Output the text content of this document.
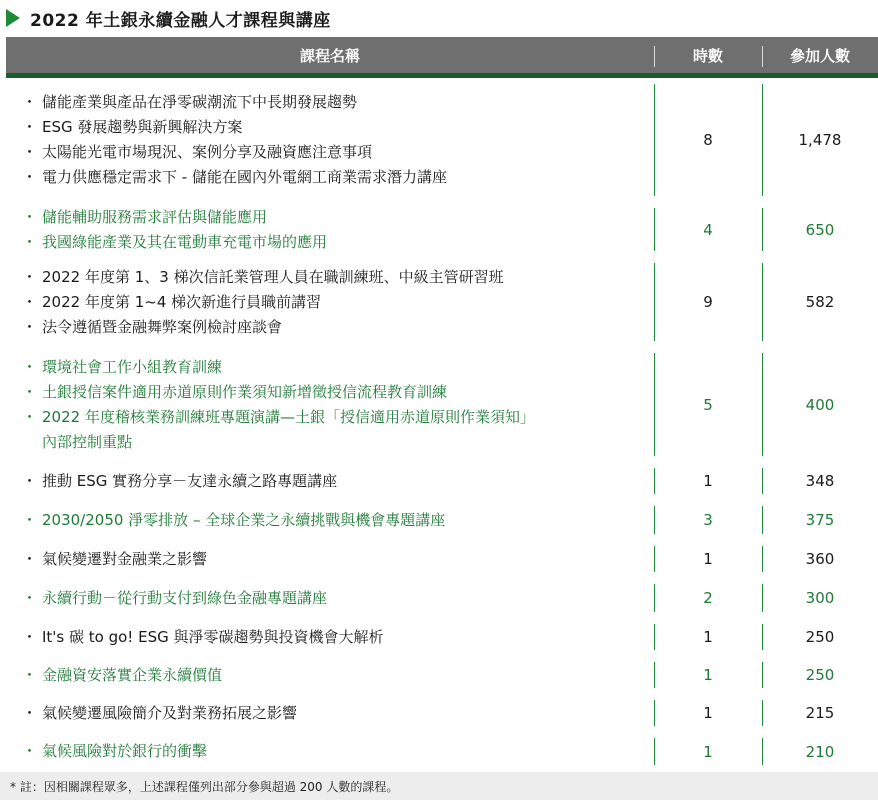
2022 年土銀永續金融人才課程與講座
課程名稱	時數	參加人數
・ 儲能產業與產品在淨零碳潮流下中長期發展趨勢
・ ESG 發展趨勢與新興解決方案
・ 太陽能光電市場現況、案例分享及融資應注意事項
・ 電力供應穩定需求下 - 儲能在國內外電網工商業需求潛力講座
8	1,478
・ 儲能輔助服務需求評估與儲能應用
・ 我國綠能產業及其在電動車充電市場的應用
4	650
・ 2022 年度第 1、3 梯次信託業管理人員在職訓練班、中級主管研習班
・ 2022 年度第 1~4 梯次新進行員職前講習
・ 法令遵循暨金融舞弊案例檢討座談會
9	582
・ 環境社會工作小組教育訓練
・ 土銀授信案件適用赤道原則作業須知新增徵授信流程教育訓練
・ 2022 年度稽核業務訓練班專題演講—土銀「授信適用赤道原則作業須知」
內部控制重點
5	400
・ 推動 ESG 實務分享－友達永續之路專題講座	1	348
・ 2030/2050 淨零排放 – 全球企業之永續挑戰與機會專題講座	3	375
・ 氣候變遷對金融業之影響	1	360
・ 永續行動－從行動支付到綠色金融專題講座	2	300
・ It's 碳 to go! ESG 與淨零碳趨勢與投資機會大解析	1	250
・ 金融資安落實企業永續價值	1	250
・ 氣候變遷風險簡介及對業務拓展之影響	1	215
・ 氣候風險對於銀行的衝擊	1	210
* 註：因相關課程眾多，上述課程僅列出部分參與超過 200 人數的課程。
